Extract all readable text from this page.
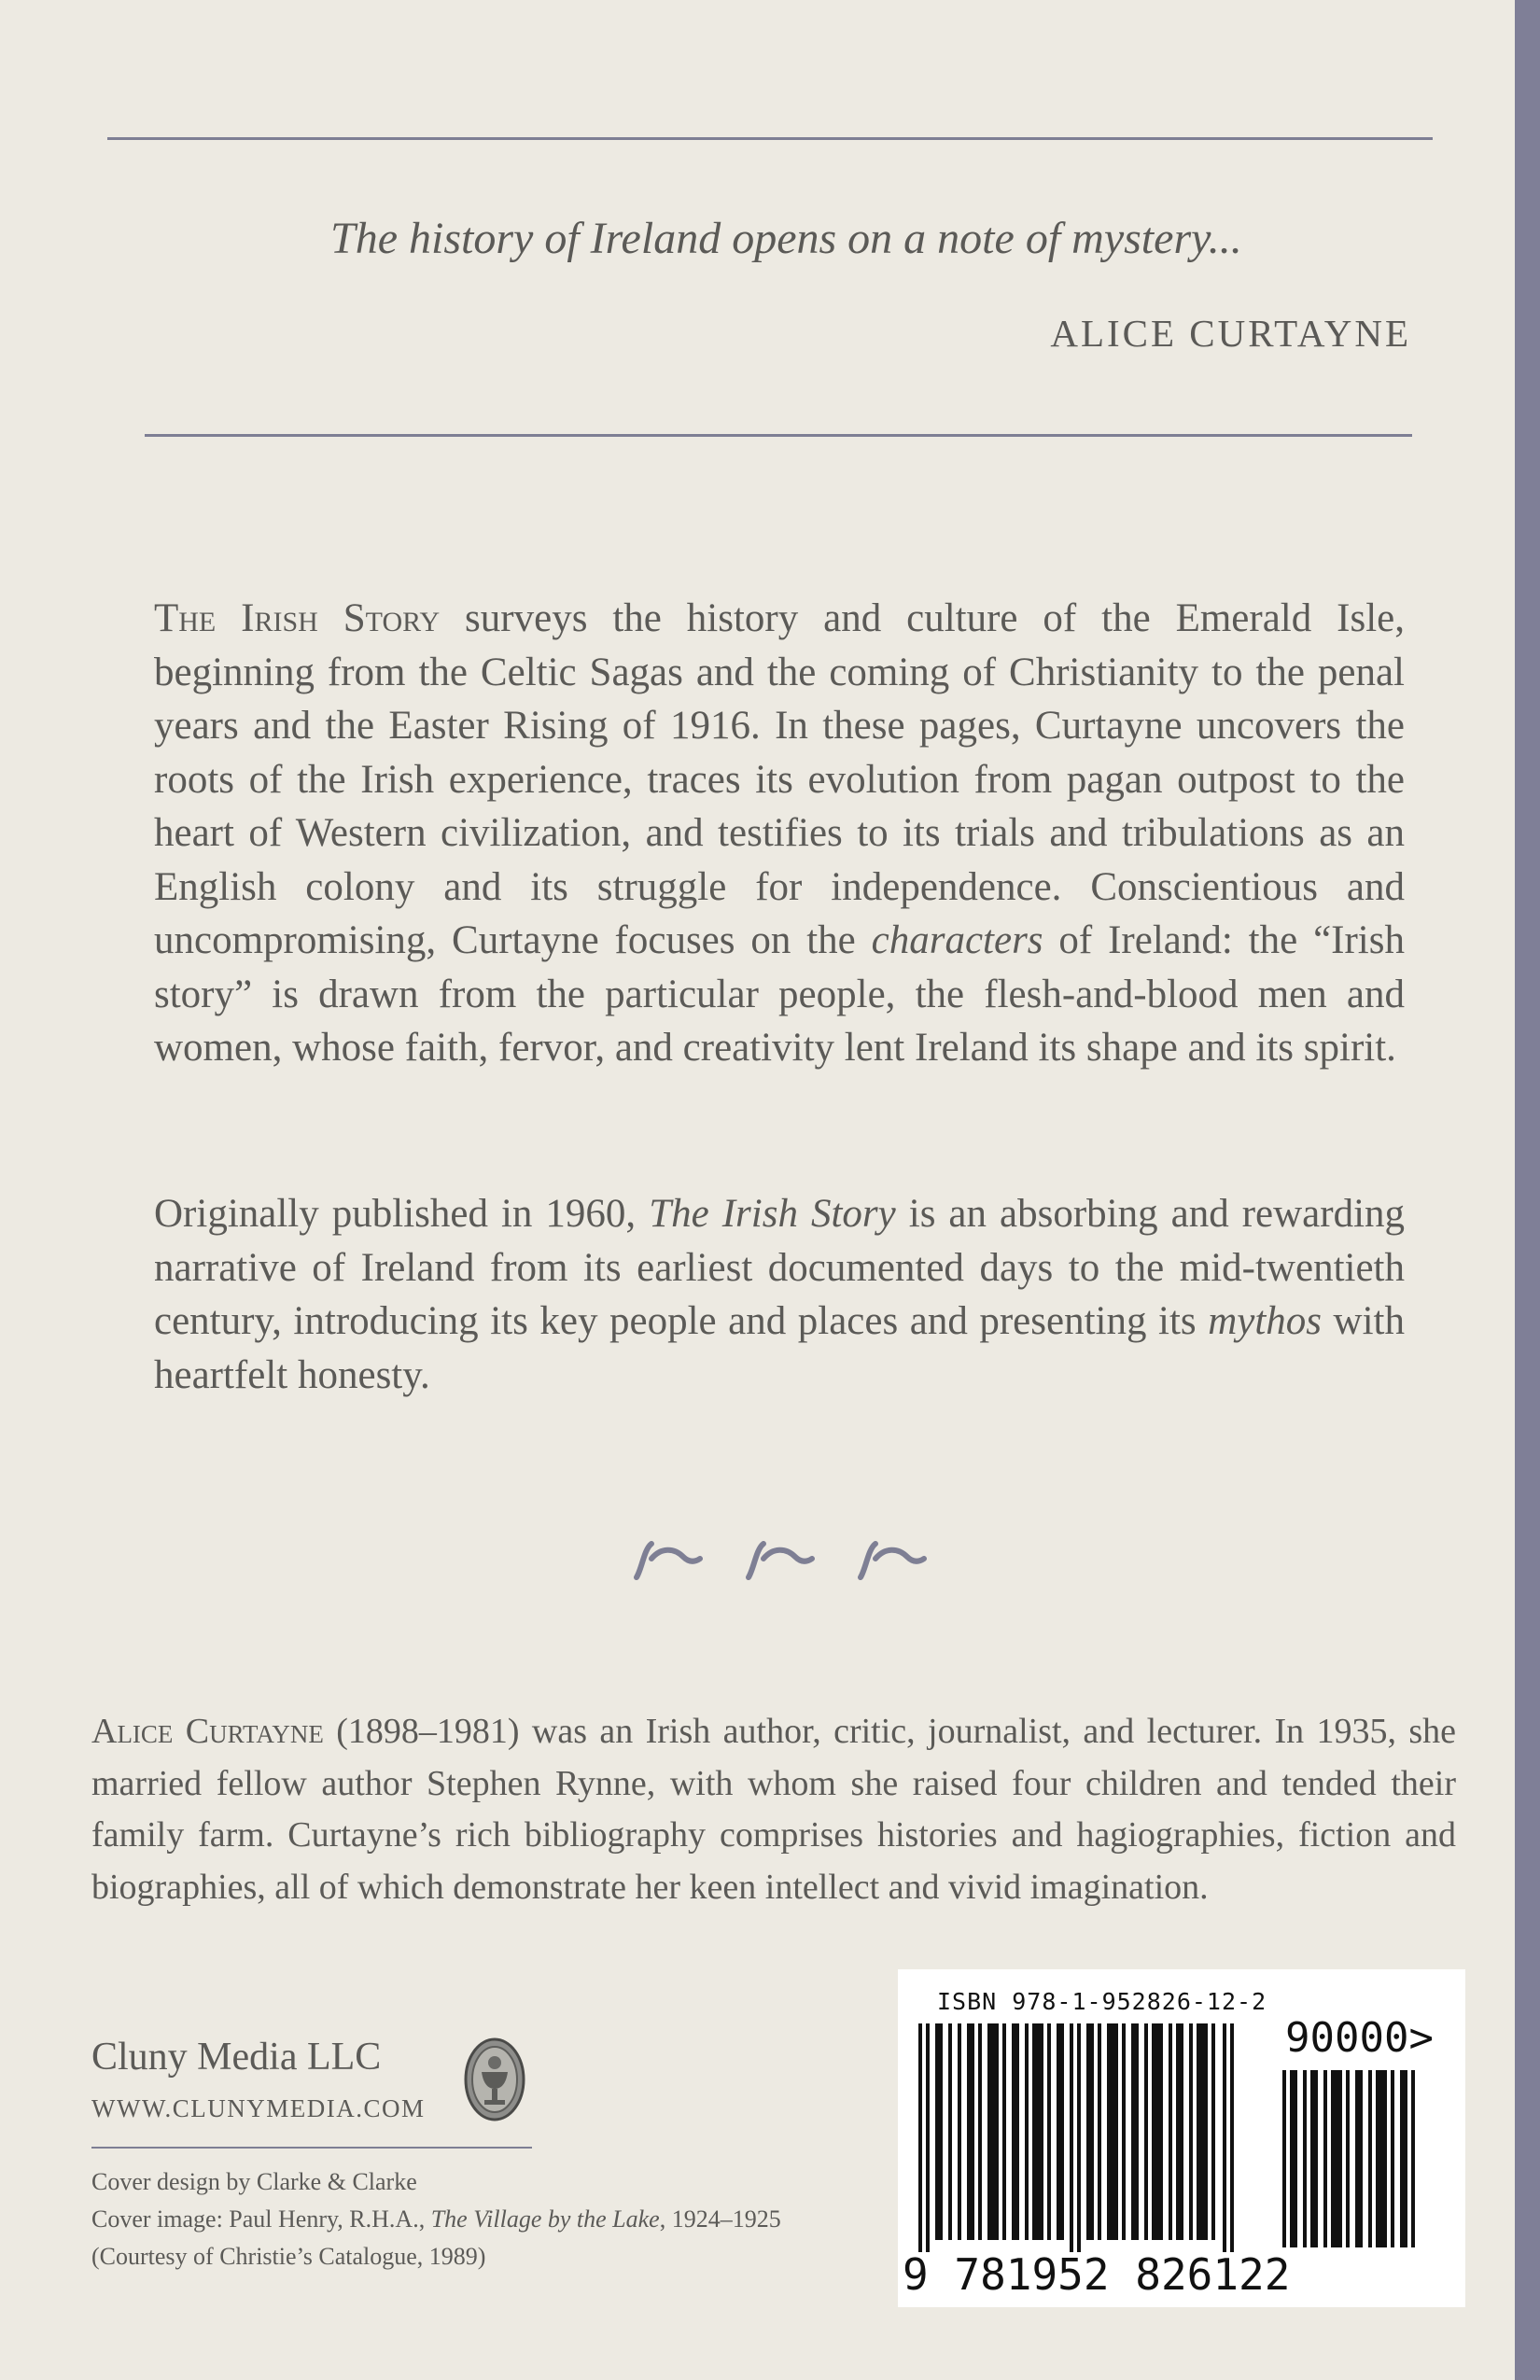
The history of Ireland opens on a note of mystery...
ALICE CURTAYNE
The Irish Story surveys the history and culture of the Emerald Isle, beginning from the Celtic Sagas and the coming of Christianity to the penal years and the Easter Rising of 1916. In these pages, Curtayne uncovers the roots of the Irish experience, traces its evolution from pagan outpost to the heart of Western civilization, and testifies to its trials and tribulations as an English colony and its struggle for independence. Conscientious and uncompromising, Curtayne focuses on the characters of Ireland: the “Irish story” is drawn from the particular people, the flesh-and-blood men and women, whose faith, fervor, and creativity lent Ireland its shape and its spirit.
Originally published in 1960, The Irish Story is an absorbing and rewarding narrative of Ireland from its earliest documented days to the mid-twentieth century, introducing its key people and places and presenting its mythos with heartfelt honesty.
Alice Curtayne (1898–1981) was an Irish author, critic, journalist, and lecturer. In 1935, she married fellow author Stephen Rynne, with whom she raised four children and tended their family farm. Curtayne’s rich bibliography comprises histories and hagiographies, fiction and biographies, all of which demonstrate her keen intellect and vivid imagination.
Cluny Media LLC
WWW.CLUNYMEDIA.COM
Cover design by Clarke & Clarke
Cover image: Paul Henry, R.H.A., The Village by the Lake, 1924–1925
(Courtesy of Christie’s Catalogue, 1989)
ISBN 978-1-952826-12-2
90000>
9 781952 826122
